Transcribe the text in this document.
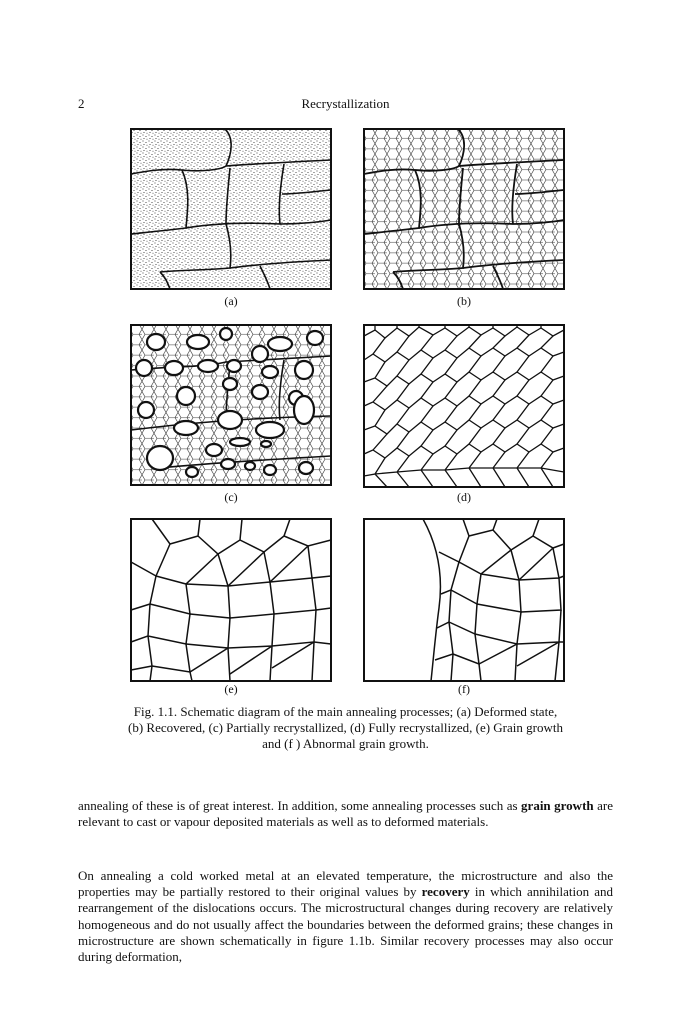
2	Recrystallization
(a)	(b)
(c)	(d)
(e)	(f)
Fig. 1.1. Schematic diagram of the main annealing processes; (a) Deformed state,
(b) Recovered, (c) Partially recrystallized, (d) Fully recrystallized, (e) Grain growth
and (f ) Abnormal grain growth.

annealing of these is of great interest. In addition, some annealing processes such as grain growth are relevant to cast or vapour deposited materials as well as to deformed materials.

On annealing a cold worked metal at an elevated temperature, the microstructure and also the properties may be partially restored to their original values by recovery in which annihilation and rearrangement of the dislocations occurs. The microstructural changes during recovery are relatively homogeneous and do not usually affect the boundaries between the deformed grains; these changes in microstructure are shown schematically in figure 1.1b. Similar recovery processes may also occur during deformation,
